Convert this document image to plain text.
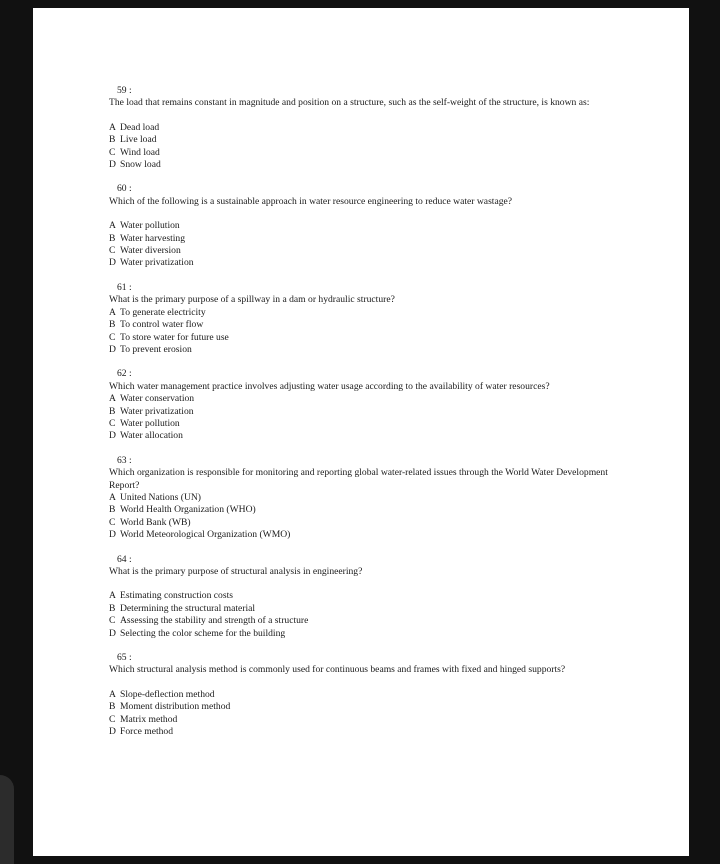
59 :
The load that remains constant in magnitude and position on a structure, such as the self-weight of the structure, is known as:
A Dead load
B Live load
C Wind load
D Snow load
60 :
Which of the following is a sustainable approach in water resource engineering to reduce water wastage?
A Water pollution
B Water harvesting
C Water diversion
D Water privatization
61 :
What is the primary purpose of a spillway in a dam or hydraulic structure?
A To generate electricity
B To control water flow
C To store water for future use
D To prevent erosion
62 :
Which water management practice involves adjusting water usage according to the availability of water resources?
A Water conservation
B Water privatization
C Water pollution
D Water allocation
63 :
Which organization is responsible for monitoring and reporting global water-related issues through the World Water Development Report?
A United Nations (UN)
B World Health Organization (WHO)
C World Bank (WB)
D World Meteorological Organization (WMO)
64 :
What is the primary purpose of structural analysis in engineering?
A Estimating construction costs
B Determining the structural material
C Assessing the stability and strength of a structure
D Selecting the color scheme for the building
65 :
Which structural analysis method is commonly used for continuous beams and frames with fixed and hinged supports?
A Slope-deflection method
B Moment distribution method
C Matrix method
D Force method
